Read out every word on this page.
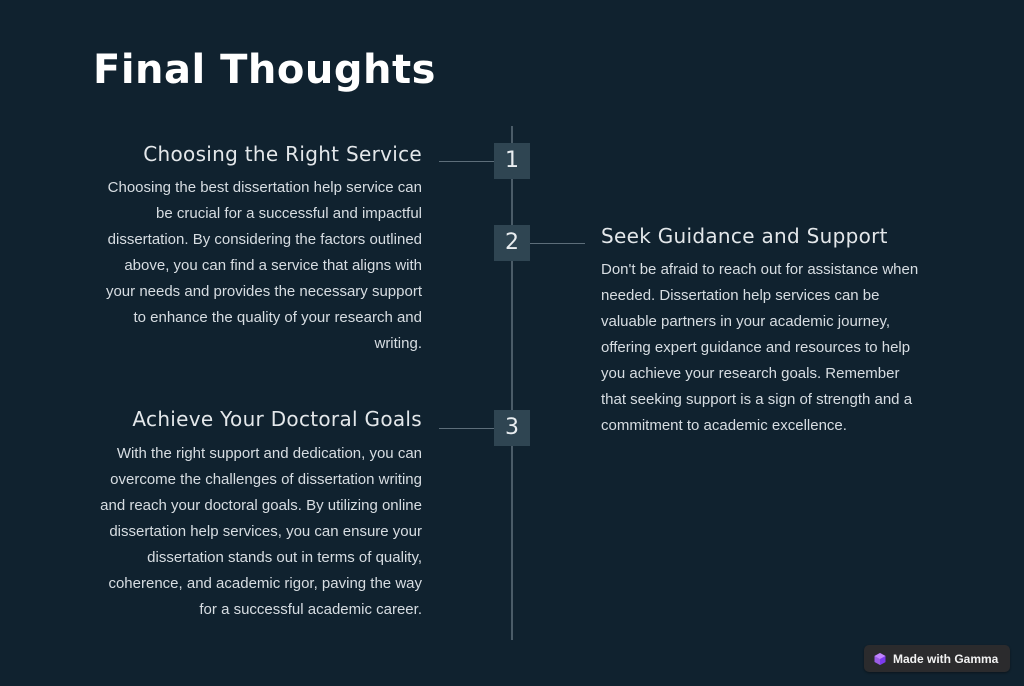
Final Thoughts
1
Choosing the Right Service
Choosing the best dissertation help service can
be crucial for a successful and impactful
dissertation. By considering the factors outlined
above, you can find a service that aligns with
your needs and provides the necessary support
to enhance the quality of your research and
writing.
2	Seek Guidance and Support
Don't be afraid to reach out for assistance when
needed. Dissertation help services can be
valuable partners in your academic journey,
offering expert guidance and resources to help
you achieve your research goals. Remember
that seeking support is a sign of strength and a
commitment to academic excellence.
3
Achieve Your Doctoral Goals
With the right support and dedication, you can
overcome the challenges of dissertation writing
and reach your doctoral goals. By utilizing online
dissertation help services, you can ensure your
dissertation stands out in terms of quality,
coherence, and academic rigor, paving the way
for a successful academic career.
Made with Gamma
